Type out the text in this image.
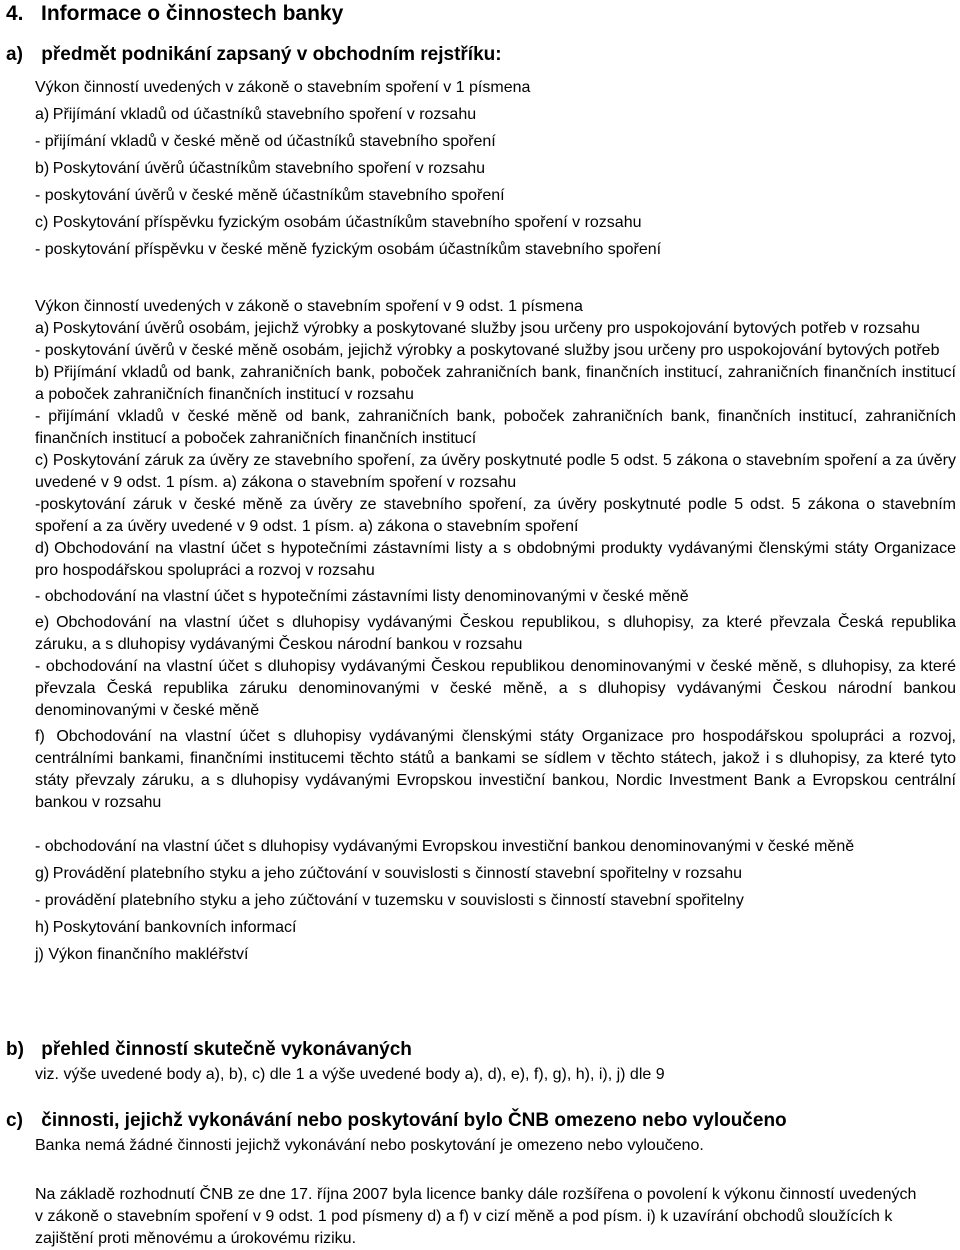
4.	Informace o činnostech banky
a) předmět podnikání zapsaný v obchodním rejstříku:

Výkon činností uvedených v zákoně o stavebním spoření v 1 písmena

a)	Přijímání vkladů od účastníků stavebního spoření v rozsahu

- přijímání vkladů v české měně od účastníků stavebního spoření

b)	Poskytování úvěrů účastníkům stavebního spoření v rozsahu

- poskytování úvěrů v české měně účastníkům stavebního spoření

c)	Poskytování příspěvku fyzickým osobám účastníkům stavebního spoření v rozsahu

- poskytování příspěvku v české měně fyzickým osobám účastníkům stavebního spoření

Výkon činností uvedených v zákoně o stavebním spoření v 9 odst. 1 písmena

a)	Poskytování úvěrů osobám, jejichž výrobky a poskytované služby jsou určeny pro uspokojování bytových potřeb v rozsahu

- poskytování úvěrů v české měně osobám, jejichž výrobky a poskytované služby jsou určeny pro uspokojování bytových potřeb

b)	Přijímání vkladů od bank, zahraničních bank, poboček zahraničních bank, finančních institucí, zahraničních finančních institucí a poboček zahraničních finančních institucí v rozsahu

- přijímání vkladů v české měně od bank, zahraničních bank, poboček zahraničních bank, finančních institucí, zahraničních finančních institucí a poboček zahraničních finančních institucí

c)	Poskytování záruk za úvěry ze stavebního spoření, za úvěry poskytnuté podle 5 odst. 5 zákona o stavebním spoření a za úvěry uvedené v 9 odst. 1 písm. a) zákona o stavebním spoření v rozsahu

-poskytování záruk v české měně za úvěry ze stavebního spoření, za úvěry poskytnuté podle 5 odst. 5 zákona o stavebním spoření a za úvěry uvedené v 9 odst. 1 písm. a) zákona o stavebním spoření

d)	Obchodování na vlastní účet s hypotečními zástavními listy a s obdobnými produkty vydávanými členskými státy Organizace pro hospodářskou spolupráci a rozvoj v rozsahu

- obchodování na vlastní účet s hypotečními zástavními listy denominovanými v české měně

e)	Obchodování na vlastní účet s dluhopisy vydávanými Českou republikou, s dluhopisy, za které převzala Česká republika záruku, a s dluhopisy vydávanými Českou národní bankou v rozsahu

- obchodování na vlastní účet s dluhopisy vydávanými Českou republikou denominovanými v české měně, s dluhopisy, za které převzala Česká republika záruku denominovanými v české měně, a s dluhopisy vydávanými Českou národní bankou denominovanými v české měně

f)	Obchodování na vlastní účet s dluhopisy vydávanými členskými státy Organizace pro hospodářskou spolupráci a rozvoj, centrálními bankami, finančními institucemi těchto států a bankami se sídlem v těchto státech, jakož i s dluhopisy, za které tyto státy převzaly záruku, a s dluhopisy vydávanými Evropskou investiční bankou, Nordic Investment Bank a Evropskou centrální bankou v rozsahu

- obchodování na vlastní účet s dluhopisy vydávanými Evropskou investiční bankou denominovanými v české měně

g)	Provádění platebního styku a jeho zúčtování v souvislosti s činností stavební spořitelny v rozsahu

- provádění platebního styku a jeho zúčtování v tuzemsku v souvislosti s činností stavební spořitelny

h)	Poskytování bankovních informací

j) Výkon finančního makléřství

b) přehled činností skutečně vykonávaných

viz. výše uvedené body a), b), c) dle 1 a výše uvedené body a), d), e), f), g), h), i), j) dle 9

c) činnosti, jejichž vykonávání nebo poskytování bylo ČNB omezeno nebo vyloučeno

Banka nemá žádné činnosti jejichž vykonávání nebo poskytování je omezeno nebo vyloučeno.

Na základě rozhodnutí ČNB ze dne 17. října 2007 byla licence banky dále rozšířena o povolení k výkonu činností uvedených v zákoně o stavebním spoření v 9 odst. 1 pod písmeny d) a f) v cizí měně a pod písm. i) k uzavírání obchodů sloužících k zajištění proti měnovému a úrokovému riziku.
